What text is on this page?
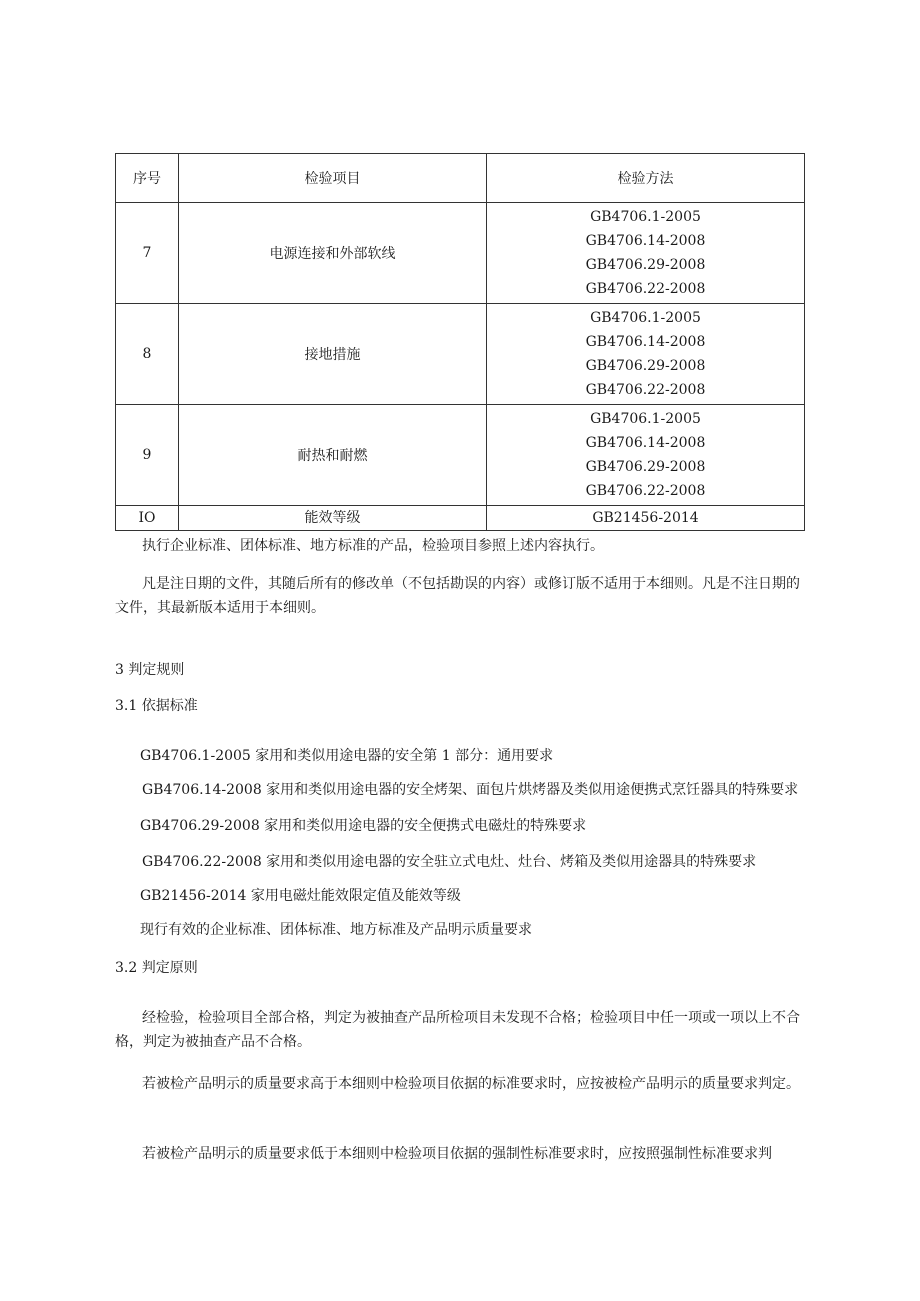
序号	检验项目	检验方法
7	电源连接和外部软线	GB4706.1-2005
GB4706.14-2008
GB4706.29-2008
GB4706.22-2008

8	接地措施	GB4706.1-2005
GB4706.14-2008
GB4706.29-2008
GB4706.22-2008

9	耐热和耐燃	GB4706.1-2005
GB4706.14-2008
GB4706.29-2008
GB4706.22-2008

IO	能效等级	GB21456-2014
执行企业标准、团体标准、地方标准的产品，检验项目参照上述内容执行。
凡是注日期的文件，其随后所有的修改单（不包括勘误的内容）或修订版不适用于本细则。凡是不注日期的文件，其最新版本适用于本细则。
3 判定规则
3.1 依据标准
GB4706.1-2005 家用和类似用途电器的安全第 1 部分：通用要求
GB4706.14-2008 家用和类似用途电器的安全烤架、面包片烘烤器及类似用途便携式烹饪器具的特殊要求
GB4706.29-2008 家用和类似用途电器的安全便携式电磁灶的特殊要求
GB4706.22-2008 家用和类似用途电器的安全驻立式电灶、灶台、烤箱及类似用途器具的特殊要求
GB21456-2014 家用电磁灶能效限定值及能效等级
现行有效的企业标准、团体标准、地方标准及产品明示质量要求
3.2 判定原则
经检验，检验项目全部合格，判定为被抽查产品所检项目未发现不合格；检验项目中任一项或一项以上不合格，判定为被抽查产品不合格。
若被检产品明示的质量要求高于本细则中检验项目依据的标准要求时，应按被检产品明示的质量要求判定。
若被检产品明示的质量要求低于本细则中检验项目依据的强制性标准要求时，应按照强制性标准要求判
